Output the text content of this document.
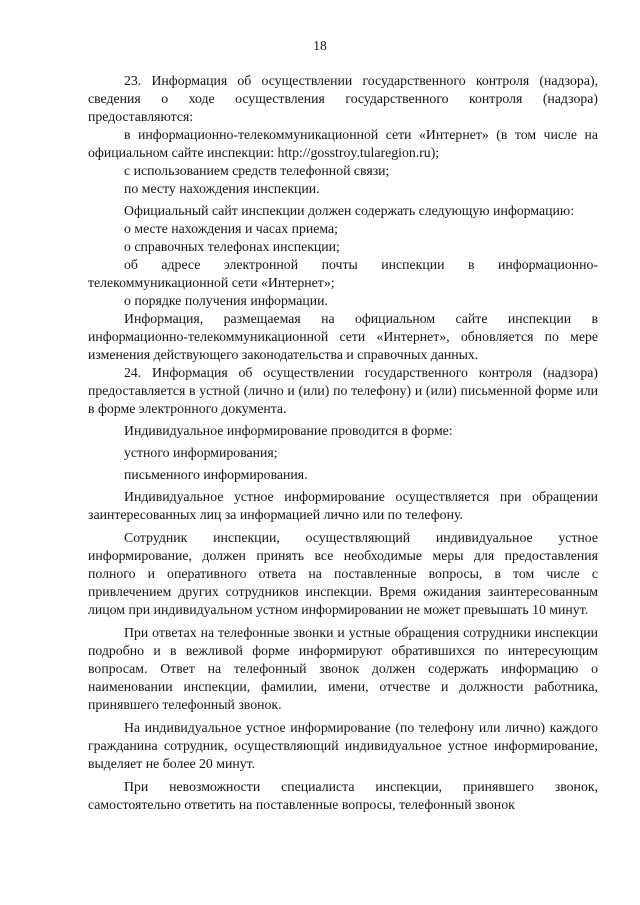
18

23. Информация об осуществлении государственного контроля (надзора), сведения о ходе осуществления государственного контроля (надзора) предоставляются:

в информационно-телекоммуникационной сети «Интернет» (в том числе на официальном сайте инспекции: http://gosstroy.tularegion.ru);

с использованием средств телефонной связи;

по месту нахождения инспекции.

Официальный сайт инспекции должен содержать следующую информацию:

о месте нахождения и часах приема;

о справочных телефонах инспекции;

об адресе электронной почты инспекции в информационно-телекоммуникационной сети «Интернет»;

о порядке получения информации.

Информация, размещаемая на официальном сайте инспекции в информационно-телекоммуникационной сети «Интернет», обновляется по мере изменения действующего законодательства и справочных данных.

24. Информация об осуществлении государственного контроля (надзора) предоставляется в устной (лично и (или) по телефону) и (или) письменной форме или в форме электронного документа.

Индивидуальное информирование проводится в форме:

устного информирования;

письменного информирования.

Индивидуальное устное информирование осуществляется при обращении заинтересованных лиц за информацией лично или по телефону.

Сотрудник инспекции, осуществляющий индивидуальное устное информирование, должен принять все необходимые меры для предоставления полного и оперативного ответа на поставленные вопросы, в том числе с привлечением других сотрудников инспекции. Время ожидания заинтересованным лицом при индивидуальном устном информировании не может превышать 10 минут.

При ответах на телефонные звонки и устные обращения сотрудники инспекции подробно и в вежливой форме информируют обратившихся по интересующим вопросам. Ответ на телефонный звонок должен содержать информацию о наименовании инспекции, фамилии, имени, отчестве и должности работника, принявшего телефонный звонок.

На индивидуальное устное информирование (по телефону или лично) каждого гражданина сотрудник, осуществляющий индивидуальное устное информирование, выделяет не более 20 минут.

При невозможности специалиста инспекции, принявшего звонок, самостоятельно ответить на поставленные вопросы, телефонный звонок
